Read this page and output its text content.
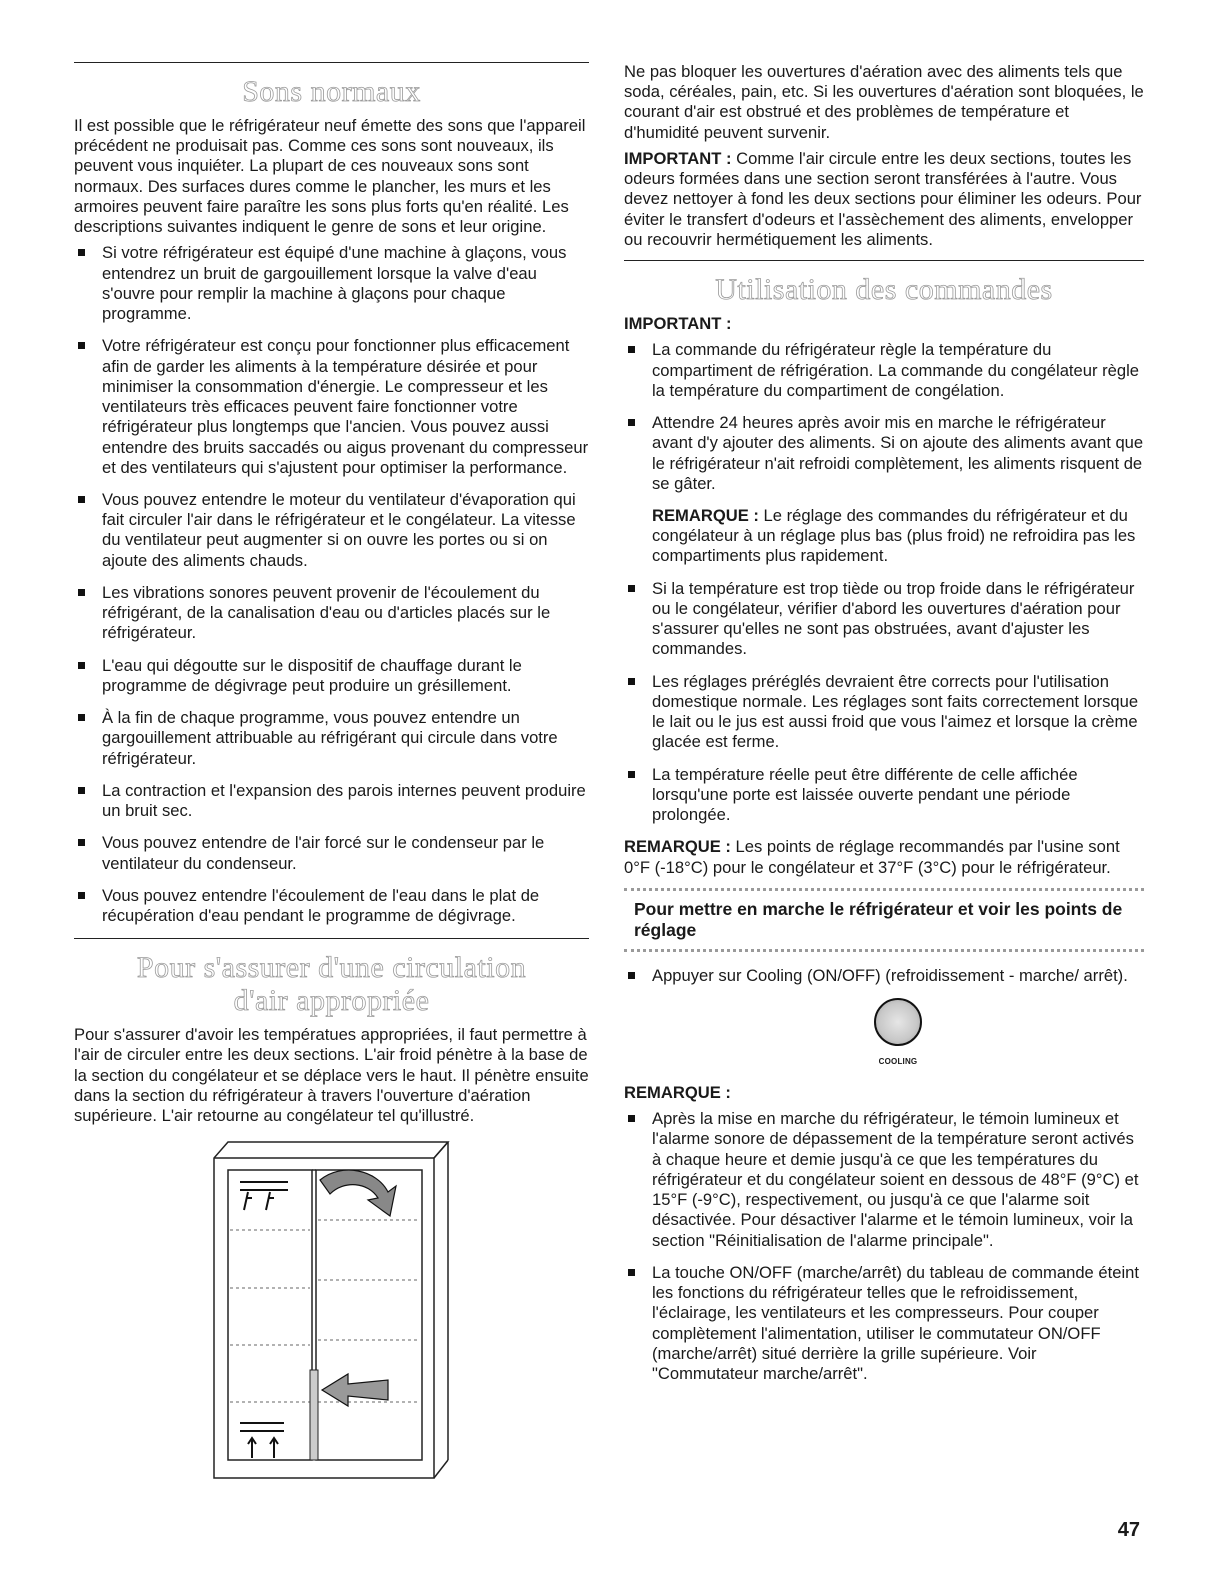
Sons normaux

Il est possible que le réfrigérateur neuf émette des sons que l'appareil précédent ne produisait pas. Comme ces sons sont nouveaux, ils peuvent vous inquiéter. La plupart de ces nouveaux sons sont normaux. Des surfaces dures comme le plancher, les murs et les armoires peuvent faire paraître les sons plus forts qu'en réalité. Les descriptions suivantes indiquent le genre de sons et leur origine.

Si votre réfrigérateur est équipé d'une machine à glaçons, vous entendrez un bruit de gargouillement lorsque la valve d'eau s'ouvre pour remplir la machine à glaçons pour chaque programme.
Votre réfrigérateur est conçu pour fonctionner plus efficacement afin de garder les aliments à la température désirée et pour minimiser la consommation d'énergie. Le compresseur et les ventilateurs très efficaces peuvent faire fonctionner votre réfrigérateur plus longtemps que l'ancien. Vous pouvez aussi entendre des bruits saccadés ou aigus provenant du compresseur et des ventilateurs qui s'ajustent pour optimiser la performance.
Vous pouvez entendre le moteur du ventilateur d'évaporation qui fait circuler l'air dans le réfrigérateur et le congélateur. La vitesse du ventilateur peut augmenter si on ouvre les portes ou si on ajoute des aliments chauds.
Les vibrations sonores peuvent provenir de l'écoulement du réfrigérant, de la canalisation d'eau ou d'articles placés sur le réfrigérateur.
L'eau qui dégoutte sur le dispositif de chauffage durant le programme de dégivrage peut produire un grésillement.
À la fin de chaque programme, vous pouvez entendre un gargouillement attribuable au réfrigérant qui circule dans votre réfrigérateur.
La contraction et l'expansion des parois internes peuvent produire un bruit sec.
Vous pouvez entendre de l'air forcé sur le condenseur par le ventilateur du condenseur.
Vous pouvez entendre l'écoulement de l'eau dans le plat de récupération d'eau pendant le programme de dégivrage.
Pour s'assurer d'une circulation
d'air appropriée

Pour s'assurer d'avoir les températues appropriées, il faut permettre à l'air de circuler entre les deux sections. L'air froid pénètre à la base de la section du congélateur et se déplace vers le haut. Il pénètre ensuite dans la section du réfrigérateur à travers l'ouverture d'aération supérieure. L'air retourne au congélateur tel qu'illustré.

Ne pas bloquer les ouvertures d'aération avec des aliments tels que soda, céréales, pain, etc. Si les ouvertures d'aération sont bloquées, le courant d'air est obstrué et des problèmes de température et d'humidité peuvent survenir.

IMPORTANT : Comme l'air circule entre les deux sections, toutes les odeurs formées dans une section seront transférées à l'autre. Vous devez nettoyer à fond les deux sections pour éliminer les odeurs. Pour éviter le transfert d'odeurs et l'assèchement des aliments, envelopper ou recouvrir hermétiquement les aliments.

Utilisation des commandes

IMPORTANT :

La commande du réfrigérateur règle la température du compartiment de réfrigération. La commande du congélateur règle la température du compartiment de congélation.
Attendre 24 heures après avoir mis en marche le réfrigérateur avant d'y ajouter des aliments. Si on ajoute des aliments avant que le réfrigérateur n'ait refroidi complètement, les aliments risquent de se gâter.

REMARQUE : Le réglage des commandes du réfrigérateur et du congélateur à un réglage plus bas (plus froid) ne refroidira pas les compartiments plus rapidement.

Si la température est trop tiède ou trop froide dans le réfrigérateur ou le congélateur, vérifier d'abord les ouvertures d'aération pour s'assurer qu'elles ne sont pas obstruées, avant d'ajuster les commandes.
Les réglages préréglés devraient être corrects pour l'utilisation domestique normale. Les réglages sont faits correctement lorsque le lait ou le jus est aussi froid que vous l'aimez et lorsque la crème glacée est ferme.
La température réelle peut être différente de celle affichée lorsqu'une porte est laissée ouverte pendant une période prolongée.

REMARQUE : Les points de réglage recommandés par l'usine sont 0°F (-18°C) pour le congélateur et 37°F (3°C) pour le réfrigérateur.

Pour mettre en marche le réfrigérateur et voir les points de réglage
Appuyer sur Cooling (ON/OFF) (refroidissement - marche/ arrêt).
COOLING

REMARQUE :

Après la mise en marche du réfrigérateur, le témoin lumineux et l'alarme sonore de dépassement de la température seront activés à chaque heure et demie jusqu'à ce que les températures du réfrigérateur et du congélateur soient en dessous de 48°F (9°C) et 15°F (-9°C), respectivement, ou jusqu'à ce que l'alarme soit désactivée. Pour désactiver l'alarme et le témoin lumineux, voir la section "Réinitialisation de l'alarme principale".
La touche ON/OFF (marche/arrêt) du tableau de commande éteint les fonctions du réfrigérateur telles que le refroidissement, l'éclairage, les ventilateurs et les compresseurs. Pour couper complètement l'alimentation, utiliser le commutateur ON/OFF (marche/arrêt) situé derrière la grille supérieure. Voir "Commutateur marche/arrêt".
47
